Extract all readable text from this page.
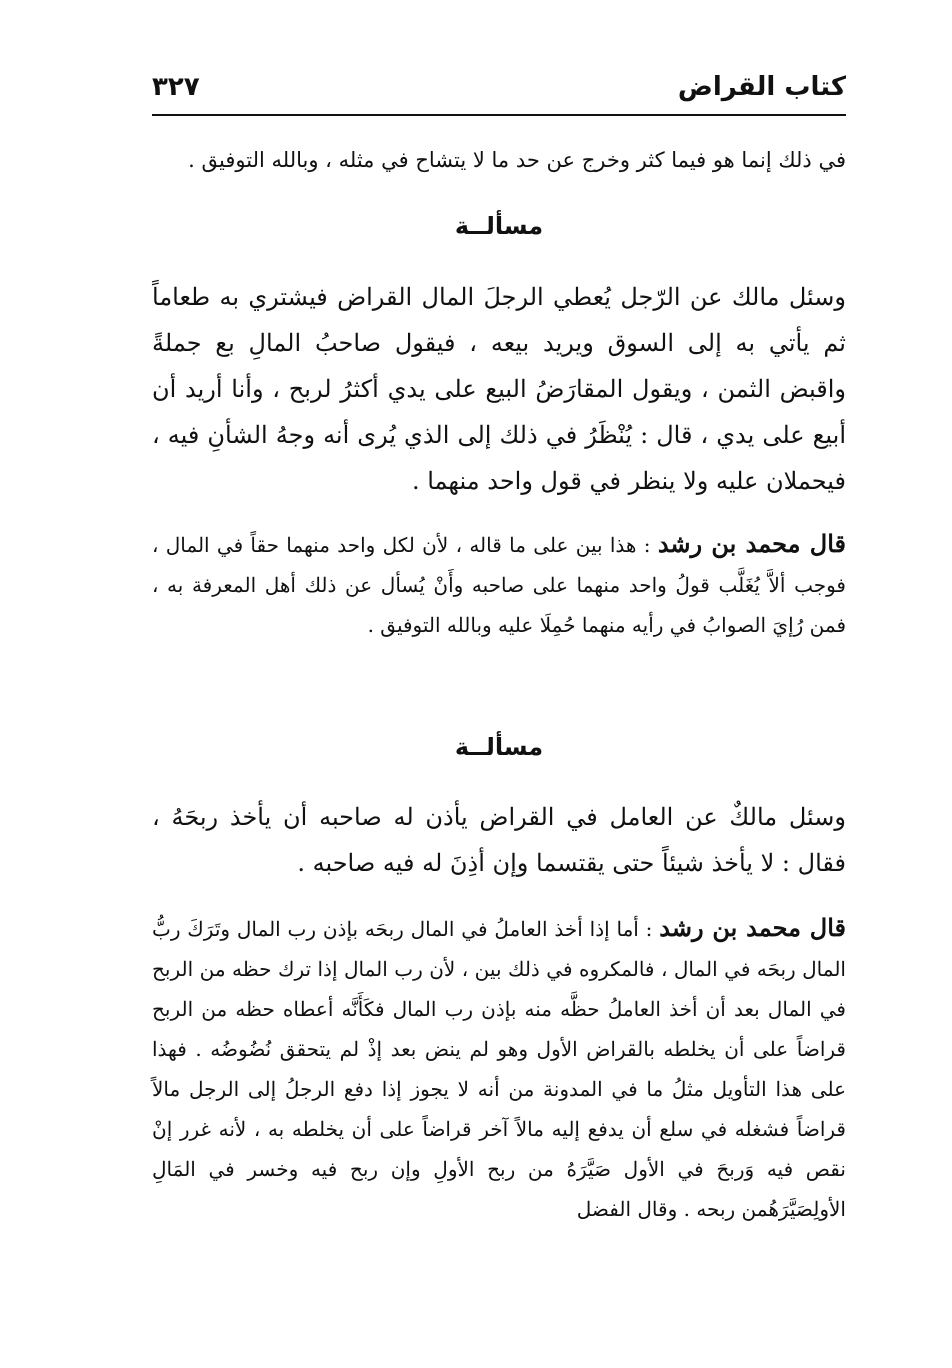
كتاب القراض
٣٢٧

في ذلك إنما هو فيما كثر وخرج عن حد ما لا يتشاح في مثله ، وبالله التوفيق .

مسألــة

وسئل مالك عن الرّجل يُعطي الرجلَ المال القراض فيشتري به طعاماً ثم يأتي به إلى السوق ويريد بيعه ، فيقول صاحبُ المالِ بع جملةً واقبض الثمن ، ويقول المقارَضُ البيع على يدي أكثرُ لربح ، وأنا أريد أن أبيع على يدي ، قال : يُنْظَرُ في ذلك إلى الذي يُرى أنه وجهُ الشأنِ فيه ، فيحملان عليه ولا ينظر في قول واحد منهما .

قال محمد بن رشد : هذا بين على ما قاله ، لأن لكل واحد منهما حقاً في المال ، فوجب ألاَّ يُغَلَّب قولُ واحد منهما على صاحبه وأَنْ يُسأل عن ذلك أهل المعرفة به ، فمن رُإيَ الصوابُ في رأيه منهما حُمِلَا عليه وبالله التوفيق .

مسألــة

وسئل مالكٌ عن العامل في القراض يأذن له صاحبه أن يأخذ ربحَهُ ، فقال : لا يأخذ شيئاً حتى يقتسما وإن أذِنَ له فيه صاحبه .

قال محمد بن رشد : أما إذا أخذ العاملُ في المال ربحَه بإذن رب المال وتَرَكَ ربُّ المال ربحَه في المال ، فالمكروه في ذلك بين ، لأن رب المال إذا ترك حظه من الربح في المال بعد أن أخذ العاملُ حظَّه منه بإذن رب المال فكَأَنَّه أعطاه حظه من الربح قراضاً على أن يخلطه بالقراض الأول وهو لم ينض بعد إذْ لم يتحقق نُضُوضُه . فهذا على هذا التأويل مثلُ ما في المدونة من أنه لا يجوز إذا دفع الرجلُ إلى الرجل مالاً قراضاً فشغله في سلع أن يدفع إليه مالاً آخر قراضاً على أن يخلطه به ، لأنه غرر إنْ نقص فيه وَربحَ في الأول صَيَّرَهُ من ربح الأولِ وإن ربح فيه وخسر في المَالِ الأولِصَيَّرَهُمن ربحه . وقال الفضل
